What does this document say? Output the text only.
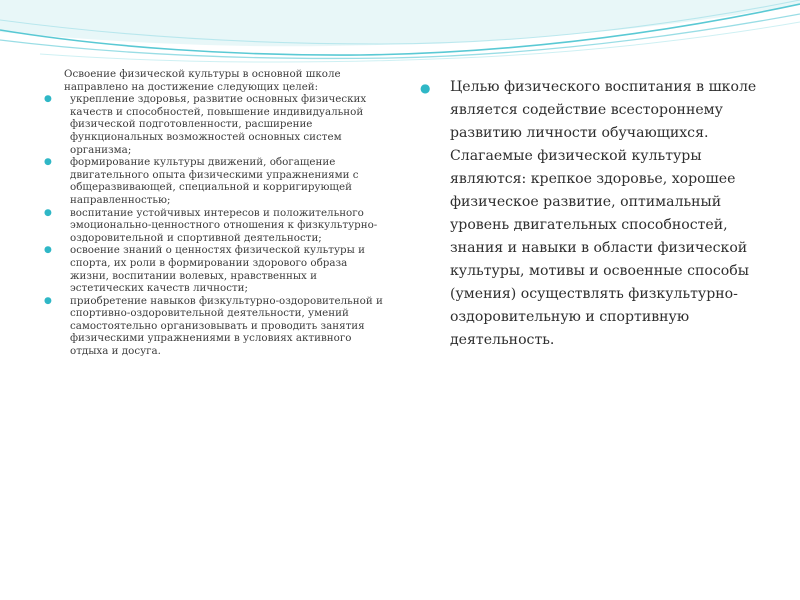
Освоение физической культуры в основной школе направлено на достижение следующих целей:

● укрепление здоровья, развитие основных физических качеств и способностей, повышение индивидуальной физической подготовленности, расширение функциональных возможностей основных систем организма;
● формирование культуры движений, обогащение двигательного опыта физическими упражнениями с общеразвивающей, специальной и корригирующей направленностью;
● воспитание устойчивых интересов и положительного эмоционально-ценностного отношения к физкультурно- оздоровительной и спортивной деятельности;
● освоение знаний о ценностях физической культуры и спорта, их роли в формировании здорового образа жизни, воспитании волевых, нравственных и эстетических качеств личности;
● приобретение навыков физкультурно-оздоровительной и спортивно-оздоровительной деятельности, умений самостоятельно организовывать и проводить занятия физическими упражнениями в условиях активного отдыха и досуга.
●	Целью физического воспитания в школе является содействие всестороннему развитию личности обучающихся. Слагаемые физической культуры являются: крепкое здоровье, хорошее физическое развитие, оптимальный уровень двигательных способностей, знания и навыки в области физической культуры, мотивы и освоенные способы (умения) осуществлять физкультурно-оздоровительную и спортивную деятельность.
